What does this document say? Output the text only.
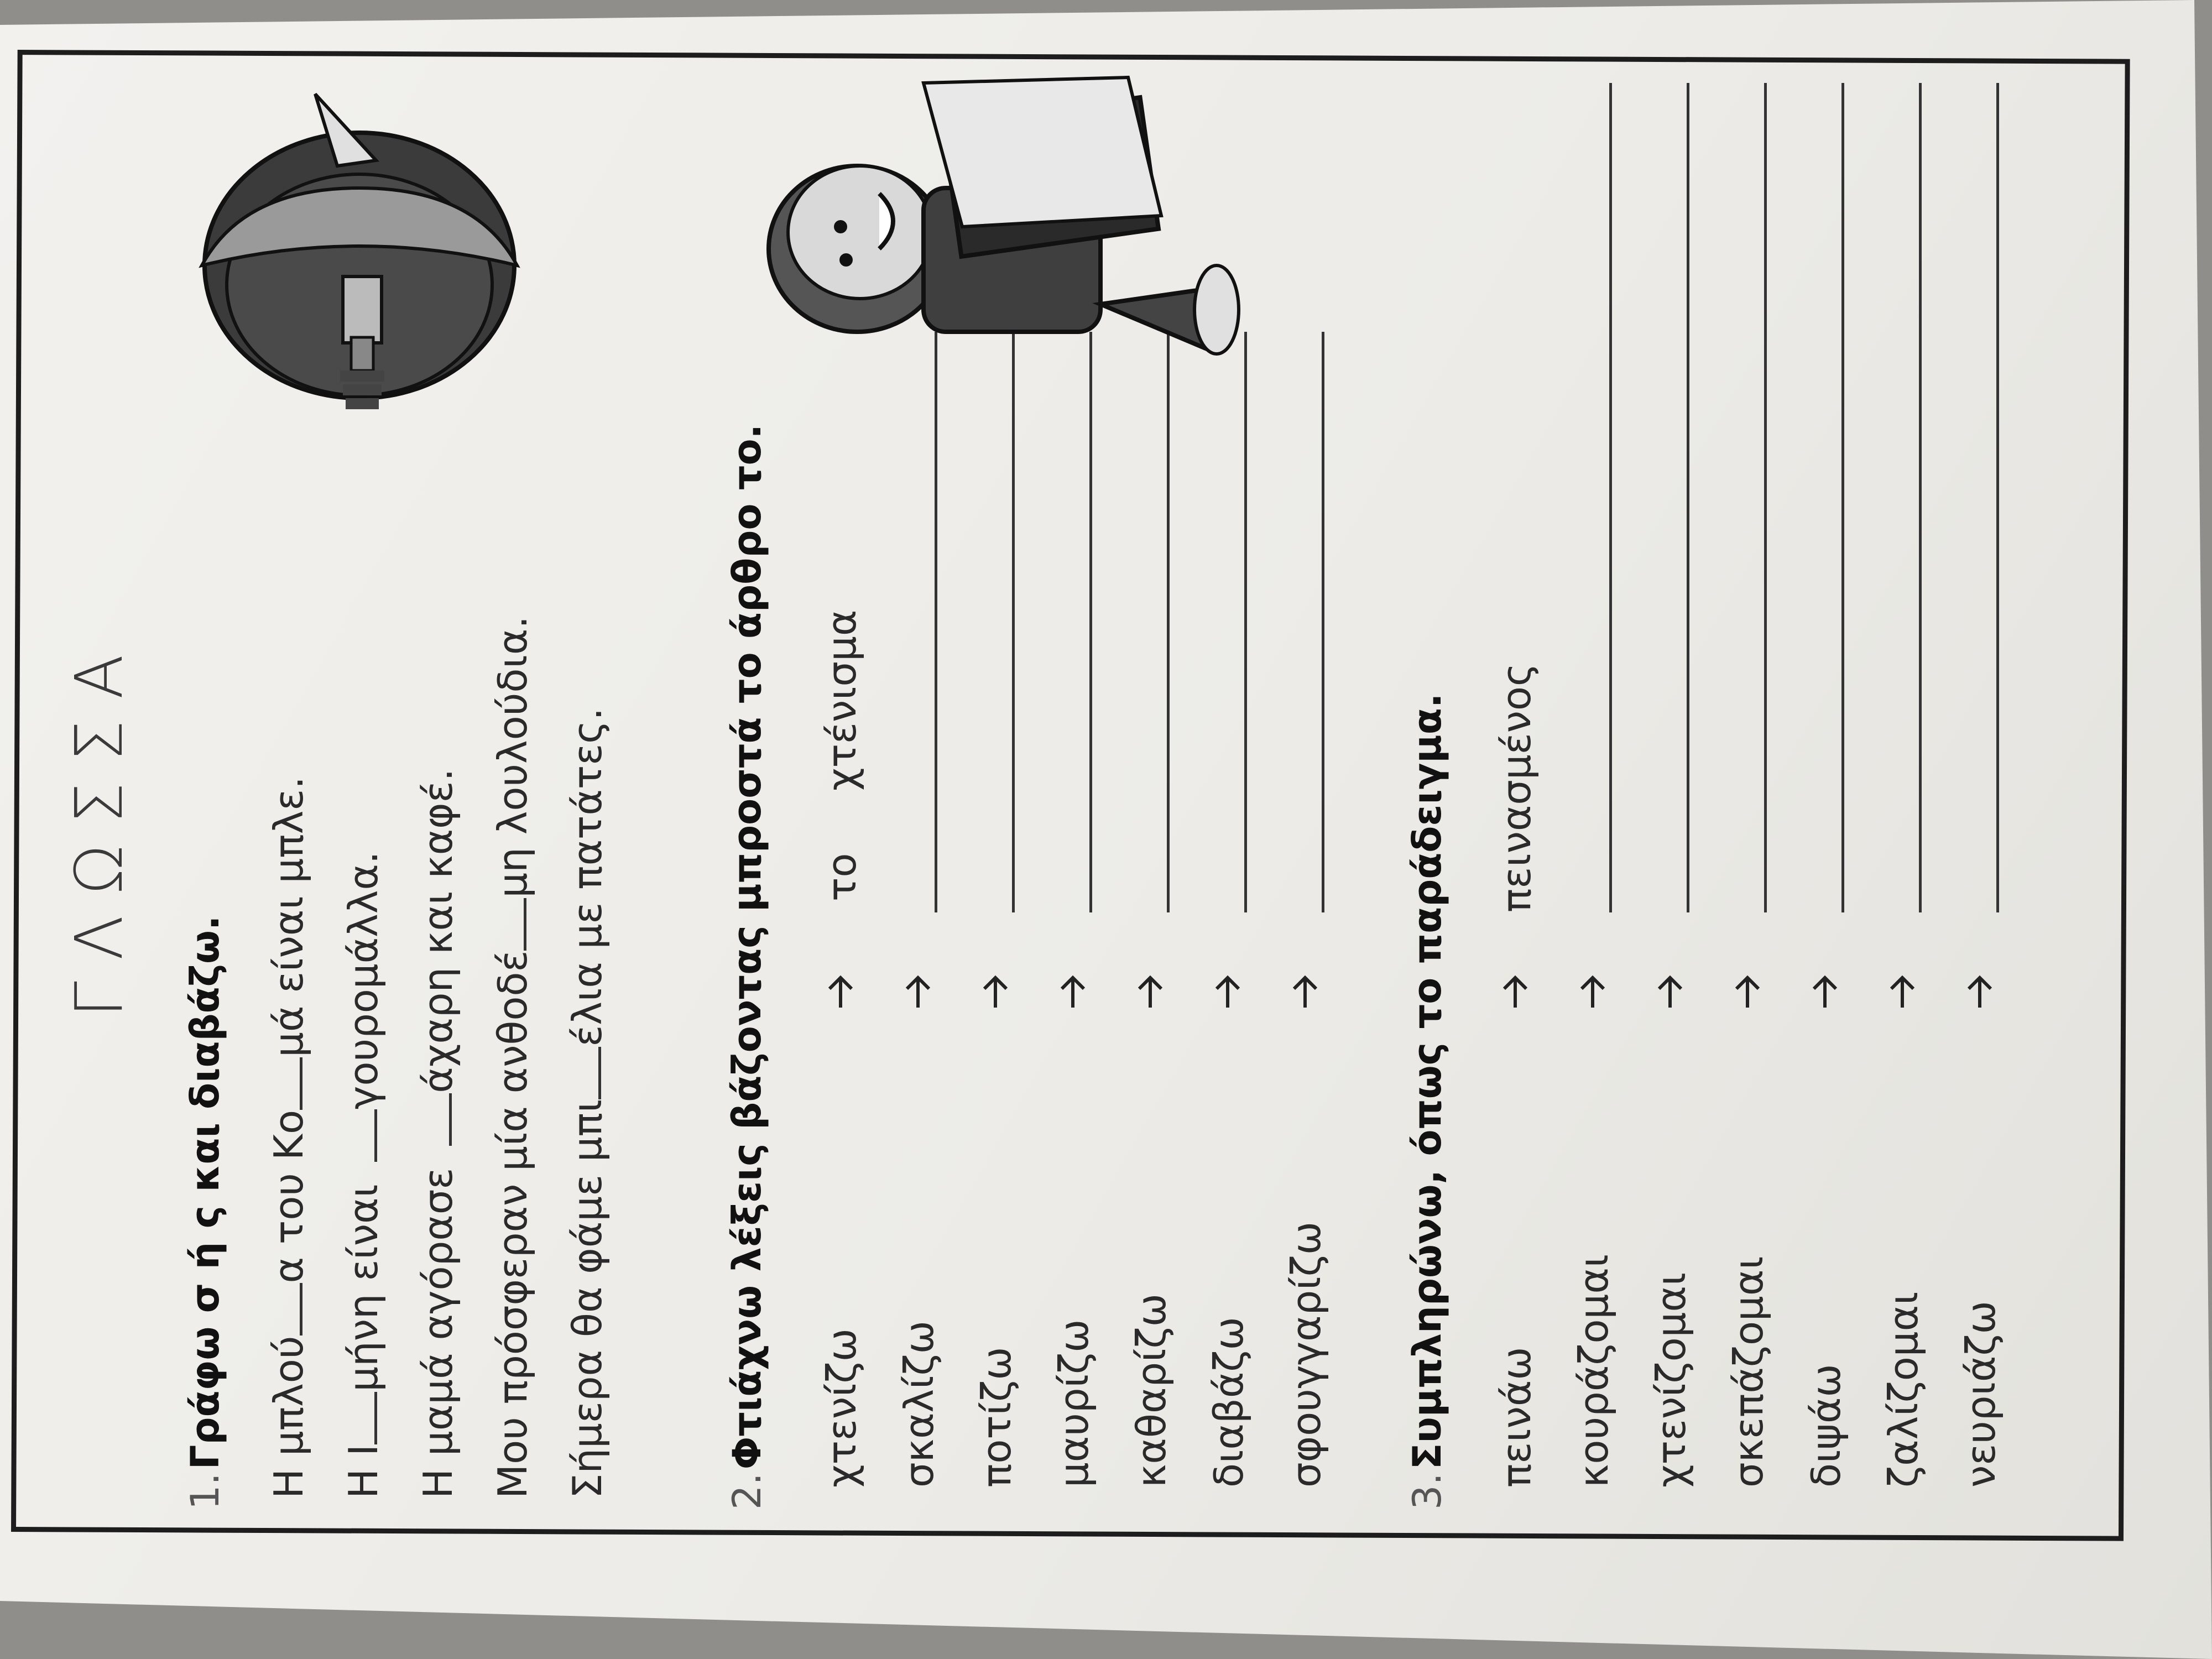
ΓΛΩΣΣΑ
1.Γράφω σ ή ς και διαβάζω. Η μπλούα του Κομά είναι μπλε.
Η Ιμήνη είναιγουρομάλλα.
Η μαμά αγόρασεάχαρη και καφέ.
Μου πρόσφεραν μία ανθοδέμη λουλούδια.
Σήμερα θα φάμε μπιέλια με πατάτες.
2.Φτιάχνω λέξεις βάζοντας μπροστά το άρθρο το. χτενίζω
το
χτένισμα
σκαλίζω ποτίζω μαυρίζω καθαρίζω διαβάζω σφουγγαρίζω
3.Συμπληρώνω, όπως το παράδειγμα. πεινάω
πεινασμένος
κουράζομαι χτενίζομαι σκεπάζομαι διψάω ζαλίζομαι νευριάζω
